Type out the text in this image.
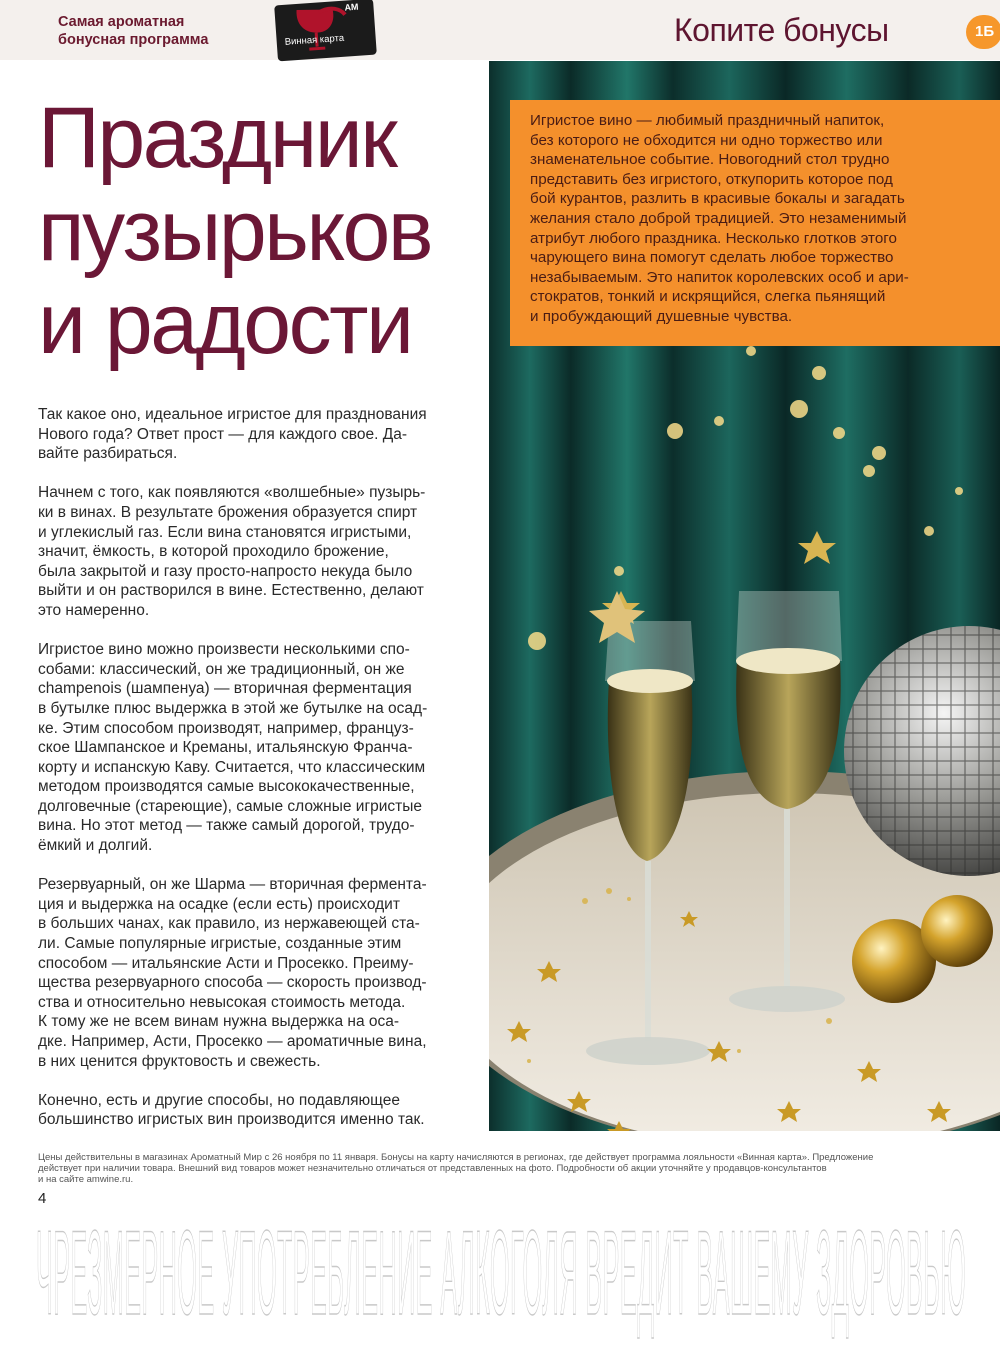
Самая ароматная
бонусная программа
AM
Винная карта	Копите бонусы	1Б
Праздник
пузырьков
и радости

Так какое оно, идеальное игристое для празднования
Нового года? Ответ прост — для каждого свое. Да-
вайте разбираться.

Начнем с того, как появляются «волшебные» пузырь-
ки в винах. В результате брожения образуется спирт
и углекислый газ. Если вина становятся игристыми,
значит, ёмкость, в которой проходило брожение,
была закрытой и газу просто-напросто некуда было
выйти и он растворился в вине. Естественно, делают
это намеренно.

Игристое вино можно произвести несколькими спо-
собами: классический, он же традиционный, он же
champenois (шампенуа) — вторичная ферментация
в бутылке плюс выдержка в этой же бутылке на осад-
ке. Этим способом производят, например, француз-
ское Шампанское и Креманы, итальянскую Франча-
корту и испанскую Каву. Считается, что классическим
методом производятся самые высококачественные,
долговечные (стареющие), самые сложные игристые
вина. Но этот метод — также самый дорогой, трудо-
ёмкий и долгий.

Резервуарный, он же Шарма — вторичная фермента-
ция и выдержка на осадке (если есть) происходит
в больших чанах, как правило, из нержавеющей ста-
ли. Самые популярные игристые, созданные этим
способом — итальянские Асти и Просекко. Преиму-
щества резервуарного способа — скорость производ-
ства и относительно невысокая стоимость метода.
К тому же не всем винам нужна выдержка на оса-
дке. Например, Асти, Просекко — ароматичные вина,
в них ценится фруктовость и свежесть.

Конечно, есть и другие способы, но подавляющее
большинство игристых вин производится именно так.

Игристое вино — любимый праздничный напиток,
без которого не обходится ни одно торжество или
знаменательное событие. Новогодний стол трудно
представить без игристого, откупорить которое под
бой курантов, разлить в красивые бокалы и загадать
желания стало доброй традицией. Это незаменимый
атрибут любого праздника. Несколько глотков этого
чарующего вина помогут сделать любое торжество
незабываемым. Это напиток королевских особ и ари-
стократов, тонкий и искрящийся, слегка пьянящий
и пробуждающий душевные чувства.

Цены действительны в магазинах Ароматный Мир с 26 ноября по 11 января. Бонусы на карту начисляются в регионах, где действует программа лояльности «Винная карта». Предложение
действует при наличии товара. Внешний вид товаров может незначительно отличаться от представленных на фото. Подробности об акции уточняйте у продавцов-консультантов
и на сайте amwine.ru.
4
ЧРЕЗМЕРНОЕ УПОТРЕБЛЕНИЕ АЛКОГОЛЯ ВРЕДИТ ВАШЕМУ ЗДОРОВЬЮ
